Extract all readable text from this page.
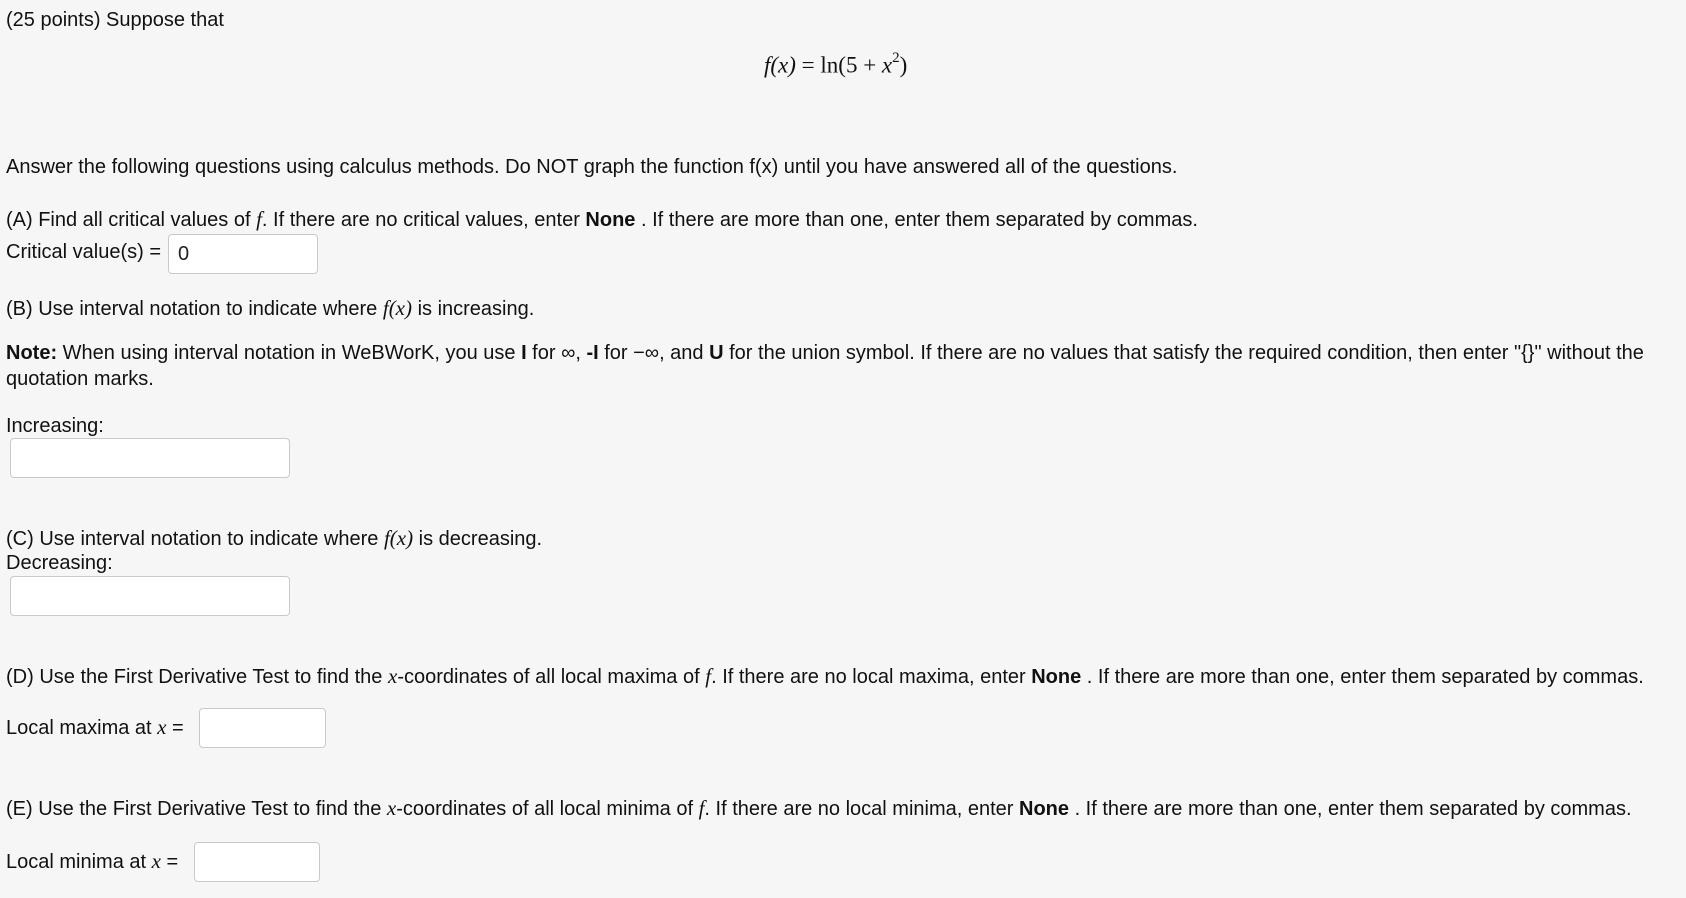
(25 points) Suppose that
$f(x) = \ln(5 + x^2)$
Answer the following questions using calculus methods. Do NOT graph the function f(x) until you have answered all of the questions.
(A) Find all critical values of f. If there are no critical values, enter None . If there are more than one, enter them separated by commas.
Critical value(s) =
0
(B) Use interval notation to indicate where f(x) is increasing.
Note: When using interval notation in WeBWorK, you use I for ∞, -I for −∞, and U for the union symbol. If there are no values that satisfy the required condition, then enter "{}" without the quotation marks.
Increasing:
(C) Use interval notation to indicate where f(x) is decreasing.
Decreasing:
(D) Use the First Derivative Test to find the x-coordinates of all local maxima of f. If there are no local maxima, enter None . If there are more than one, enter them separated by commas.
Local maxima at x =
(E) Use the First Derivative Test to find the x-coordinates of all local minima of f. If there are no local minima, enter None . If there are more than one, enter them separated by commas.
Local minima at x =
